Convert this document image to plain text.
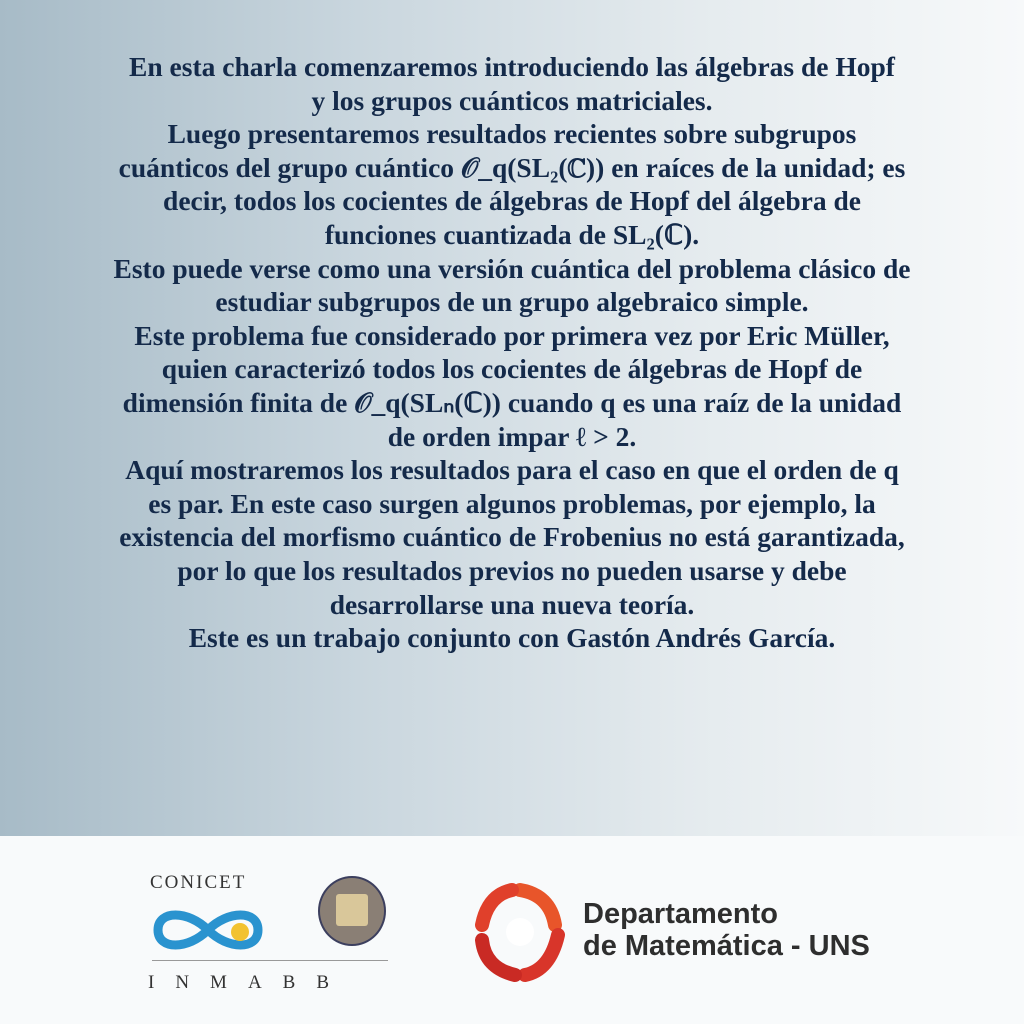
En esta charla comenzaremos introduciendo las álgebras de Hopf
y los grupos cuánticos matriciales.
Luego presentaremos resultados recientes sobre subgrupos
cuánticos del grupo cuántico 𝒪_q(SL₂(ℂ)) en raíces de la unidad; es
decir, todos los cocientes de álgebras de Hopf del álgebra de
funciones cuantizada de SL₂(ℂ).
Esto puede verse como una versión cuántica del problema clásico de
estudiar subgrupos de un grupo algebraico simple.
Este problema fue considerado por primera vez por Eric Müller,
quien caracterizó todos los cocientes de álgebras de Hopf de
dimensión finita de 𝒪_q(SLₙ(ℂ)) cuando q es una raíz de la unidad
de orden impar ℓ > 2.
Aquí mostraremos los resultados para el caso en que el orden de q
es par. En este caso surgen algunos problemas, por ejemplo, la
existencia del morfismo cuántico de Frobenius no está garantizada,
por lo que los resultados previos no pueden usarse y debe
desarrollarse una nueva teoría.
Este es un trabajo conjunto con Gastón Andrés García.
CONICET
INMABB
Departamento
de Matemática - UNS
